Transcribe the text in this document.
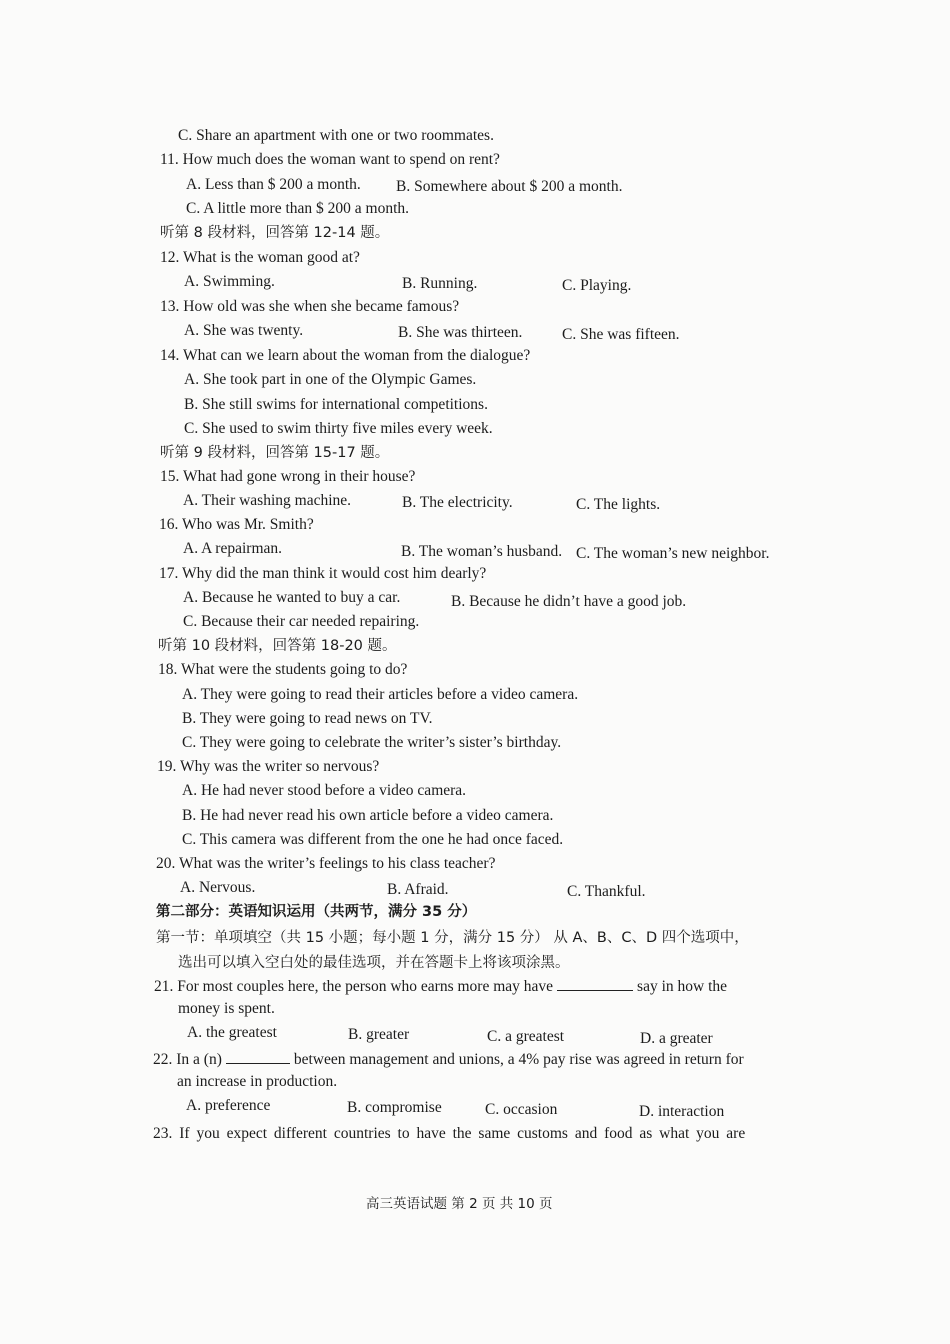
C. Share an apartment with one or two roommates.
11. How much does the woman want to spend on rent?
A. Less than $ 200 a month. B. Somewhere about $ 200 a month.
C. A little more than $ 200 a month.
听第 8 段材料，回答第 12-14 题。
12. What is the woman good at?
A. Swimming.	B. Running.	C. Playing.
13. How old was she when she became famous?
A. She was twenty.	B. She was thirteen.	C. She was fifteen.
14. What can we learn about the woman from the dialogue?
A. She took part in one of the Olympic Games.
B. She still swims for international competitions.
C. She used to swim thirty five miles every week.
听第 9 段材料，回答第 15-17 题。
15. What had gone wrong in their house?
A. Their washing machine.	B. The electricity.	C. The lights.
16. Who was Mr. Smith?
A. A repairman.	B. The woman’s husband. C. The woman’s new neighbor.
17. Why did the man think it would cost him dearly?
A. Because he wanted to buy a car.	B. Because he didn’t have a good job.
C. Because their car needed repairing.
听第 10 段材料，回答第 18-20 题。
18. What were the students going to do?
A. They were going to read their articles before a video camera.
B. They were going to read news on TV.
C. They were going to celebrate the writer’s sister’s birthday.
19. Why was the writer so nervous?
A. He had never stood before a video camera.
B. He had never read his own article before a video camera.
C. This camera was different from the one he had once faced.
20. What was the writer’s feelings to his class teacher?
A. Nervous.	B. Afraid.	C. Thankful.
第二部分：英语知识运用（共两节，满分 35 分）
第一节：单项填空（共 15 小题；每小题 1 分，满分 15 分） 从 A、B、C、D 四个选项中，
选出可以填入空白处的最佳选项，并在答题卡上将该项涂黑。
21. For most couples here, the person who earns more may have	say in how the
money is spent.
A. the greatest	B. greater	C. a greatest	D. a greater
22. In a (n)	between management and unions, a 4% pay rise was agreed in return for
an increase in production.
A. preference	B. compromise	C. occasion	D. interaction
23. If you expect different countries to have the same customs and food as what you are
高三英语试题 第 2 页 共 10 页
